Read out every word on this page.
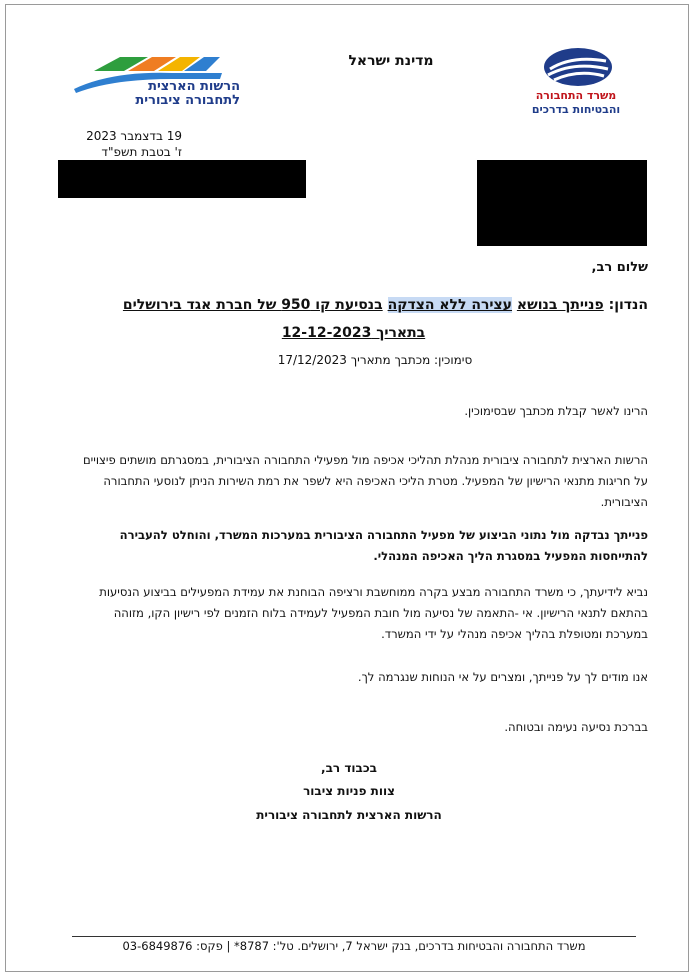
הרשות הארצית
לתחבורה ציבורית	משרד התחבורה
והבטיחות בדרכים
מדינת ישראל
19 בדצמבר 2023
ז' בטבת תשפ"ד
שלום רב,
הנדון: פנייתך בנושא עצירה ללא הצדקה בנסיעת קו 950 של חברת אגד בירושלים
בתאריך 12-12-2023
סימוכין: מכתבך מתאריך 17/12/2023
הרינו לאשר קבלת מכתבך שבסימוכין.
הרשות הארצית לתחבורה ציבורית מנהלת תהליכי אכיפה מול מפעילי התחבורה הציבורית, במסגרתם מושתים פיצויים על חריגות מתנאי הרישיון של המפעיל. מטרת הליכי האכיפה היא לשפר את רמת השירות הניתן לנוסעי התחבורה הציבורית.
פנייתך נבדקה מול נתוני הביצוע של מפעיל התחבורה הציבורית במערכות המשרד, והוחלט להעבירה להתייחסות המפעיל במסגרת הליך האכיפה המנהלי.
נביא לידיעתך, כי משרד התחבורה מבצע בקרה ממוחשבת ורציפה הבוחנת את עמידת המפעילים בביצוע הנסיעות בהתאם לתנאי הרישיון. אי -התאמה של נסיעה מול חובת המפעיל לעמידה בלוח הזמנים לפי רישיון הקו, מזוהה במערכת ומטופלת בהליך אכיפה מנהלי על ידי המשרד.
אנו מודים לך על פנייתך, ומצרים על אי הנוחות שנגרמה לך.
בברכת נסיעה נעימה ובטוחה.
בכבוד רב,
צוות פניות ציבור
הרשות הארצית לתחבורה ציבורית
משרד התחבורה והבטיחות בדרכים, בנק ישראל 7, ירושלים. טל': 8787* | פקס: 03-6849876
